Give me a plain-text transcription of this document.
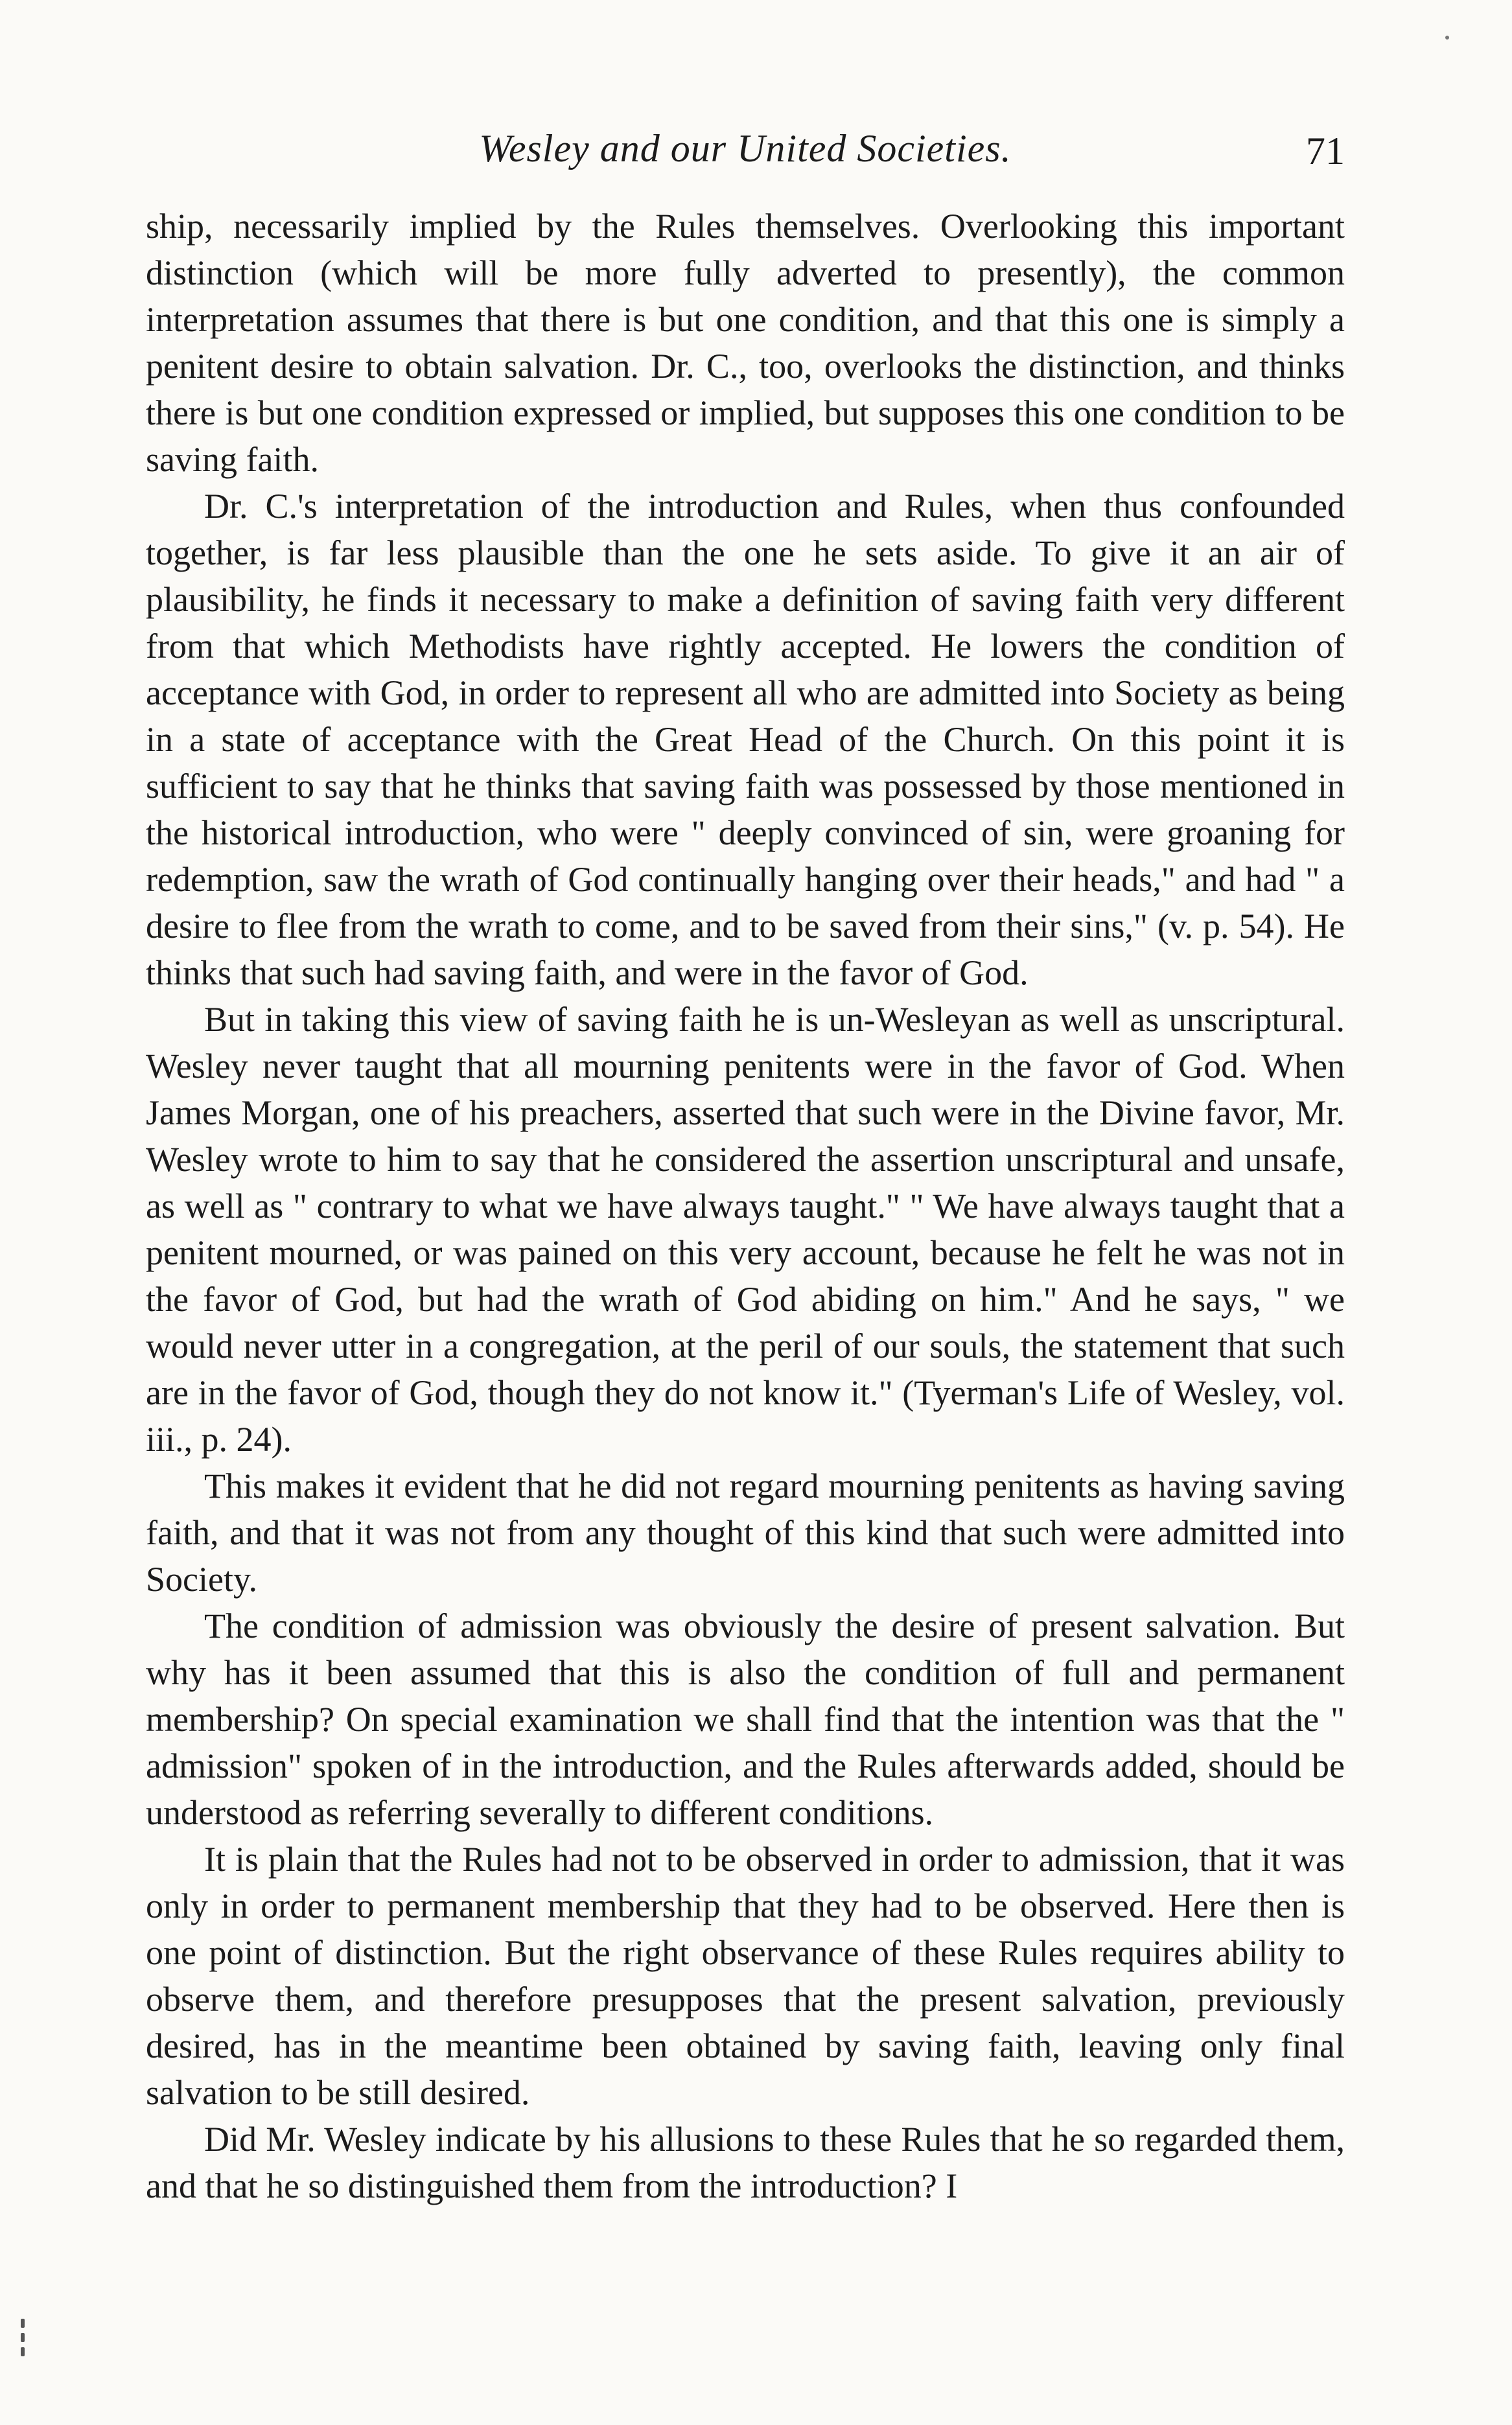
Wesley and our United Societies.	71

ship, necessarily implied by the Rules themselves. Overlooking this important distinction (which will be more fully adverted to presently), the common interpretation assumes that there is but one condition, and that this one is simply a penitent desire to obtain salvation. Dr. C., too, overlooks the distinction, and thinks there is but one condition expressed or implied, but supposes this one condition to be saving faith.

Dr. C.'s interpretation of the introduction and Rules, when thus confounded together, is far less plausible than the one he sets aside. To give it an air of plausibility, he finds it necessary to make a definition of saving faith very different from that which Methodists have rightly accepted. He lowers the condition of acceptance with God, in order to represent all who are admitted into Society as being in a state of acceptance with the Great Head of the Church. On this point it is sufficient to say that he thinks that saving faith was possessed by those mentioned in the historical introduction, who were " deeply convinced of sin, were groaning for redemption, saw the wrath of God continually hanging over their heads," and had " a desire to flee from the wrath to come, and to be saved from their sins," (v. p. 54). He thinks that such had saving faith, and were in the favor of God.

But in taking this view of saving faith he is un-Wesleyan as well as unscriptural. Wesley never taught that all mourning penitents were in the favor of God. When James Morgan, one of his preachers, asserted that such were in the Divine favor, Mr. Wesley wrote to him to say that he considered the assertion unscriptural and unsafe, as well as " contrary to what we have always taught." " We have always taught that a penitent mourned, or was pained on this very account, because he felt he was not in the favor of God, but had the wrath of God abiding on him." And he says, " we would never utter in a congregation, at the peril of our souls, the statement that such are in the favor of God, though they do not know it." (Tyerman's Life of Wesley, vol. iii., p. 24).

This makes it evident that he did not regard mourning penitents as having saving faith, and that it was not from any thought of this kind that such were admitted into Society.

The condition of admission was obviously the desire of present salvation. But why has it been assumed that this is also the condition of full and permanent membership? On special examination we shall find that the intention was that the " admission" spoken of in the introduction, and the Rules afterwards added, should be understood as referring severally to different conditions.

It is plain that the Rules had not to be observed in order to admission, that it was only in order to permanent membership that they had to be observed. Here then is one point of distinction. But the right observance of these Rules requires ability to observe them, and therefore presupposes that the present salvation, previously desired, has in the meantime been obtained by saving faith, leaving only final salvation to be still desired.

Did Mr. Wesley indicate by his allusions to these Rules that he so regarded them, and that he so distinguished them from the introduction? I
